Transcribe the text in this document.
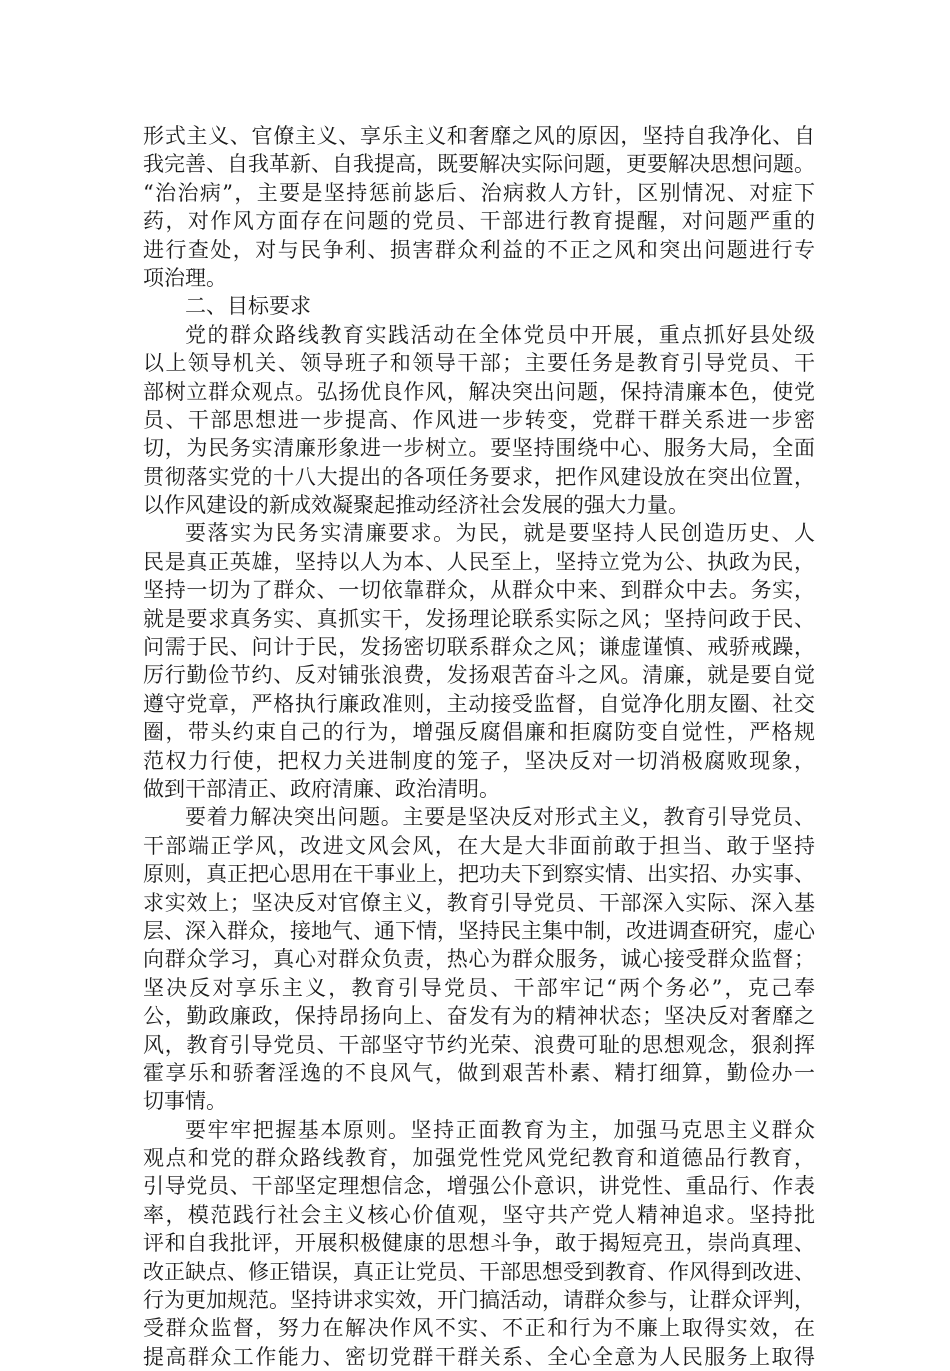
形式主义、官僚主义、享乐主义和奢靡之风的原因，坚持自我净化、自
我完善、自我革新、自我提高，既要解决实际问题，更要解决思想问题。
“治治病”，主要是坚持惩前毖后、治病救人方针，区别情况、对症下
药，对作风方面存在问题的党员、干部进行教育提醒，对问题严重的
进行查处，对与民争利、损害群众利益的不正之风和突出问题进行专
项治理。
二、目标要求
党的群众路线教育实践活动在全体党员中开展，重点抓好县处级
以上领导机关、领导班子和领导干部；主要任务是教育引导党员、干
部树立群众观点。弘扬优良作风，解决突出问题，保持清廉本色，使党
员、干部思想进一步提高、作风进一步转变，党群干群关系进一步密
切，为民务实清廉形象进一步树立。要坚持围绕中心、服务大局，全面
贯彻落实党的十八大提出的各项任务要求，把作风建设放在突出位置，
以作风建设的新成效凝聚起推动经济社会发展的强大力量。
要落实为民务实清廉要求。为民，就是要坚持人民创造历史、人
民是真正英雄，坚持以人为本、人民至上，坚持立党为公、执政为民，
坚持一切为了群众、一切依靠群众，从群众中来、到群众中去。务实，
就是要求真务实、真抓实干，发扬理论联系实际之风；坚持问政于民、
问需于民、问计于民，发扬密切联系群众之风；谦虚谨慎、戒骄戒躁，
厉行勤俭节约、反对铺张浪费，发扬艰苦奋斗之风。清廉，就是要自觉
遵守党章，严格执行廉政准则，主动接受监督，自觉净化朋友圈、社交
圈，带头约束自己的行为，增强反腐倡廉和拒腐防变自觉性，严格规
范权力行使，把权力关进制度的笼子，坚决反对一切消极腐败现象，
做到干部清正、政府清廉、政治清明。
要着力解决突出问题。主要是坚决反对形式主义，教育引导党员、
干部端正学风，改进文风会风，在大是大非面前敢于担当、敢于坚持
原则，真正把心思用在干事业上，把功夫下到察实情、出实招、办实事、
求实效上；坚决反对官僚主义，教育引导党员、干部深入实际、深入基
层、深入群众，接地气、通下情，坚持民主集中制，改进调查研究，虚心
向群众学习，真心对群众负责，热心为群众服务，诚心接受群众监督；
坚决反对享乐主义，教育引导党员、干部牢记“两个务必”，克己奉
公，勤政廉政，保持昂扬向上、奋发有为的精神状态；坚决反对奢靡之
风，教育引导党员、干部坚守节约光荣、浪费可耻的思想观念，狠刹挥
霍享乐和骄奢淫逸的不良风气，做到艰苦朴素、精打细算，勤俭办一
切事情。
要牢牢把握基本原则。坚持正面教育为主，加强马克思主义群众
观点和党的群众路线教育，加强党性党风党纪教育和道德品行教育，
引导党员、干部坚定理想信念，增强公仆意识，讲党性、重品行、作表
率，模范践行社会主义核心价值观，坚守共产党人精神追求。坚持批
评和自我批评，开展积极健康的思想斗争，敢于揭短亮丑，崇尚真理、
改正缺点、修正错误，真正让党员、干部思想受到教育、作风得到改进、
行为更加规范。坚持讲求实效，开门搞活动，请群众参与，让群众评判，
受群众监督，努力在解决作风不实、不正和行为不廉上取得实效，在
提高群众工作能力、密切党群干群关系、全心全意为人民服务上取得
